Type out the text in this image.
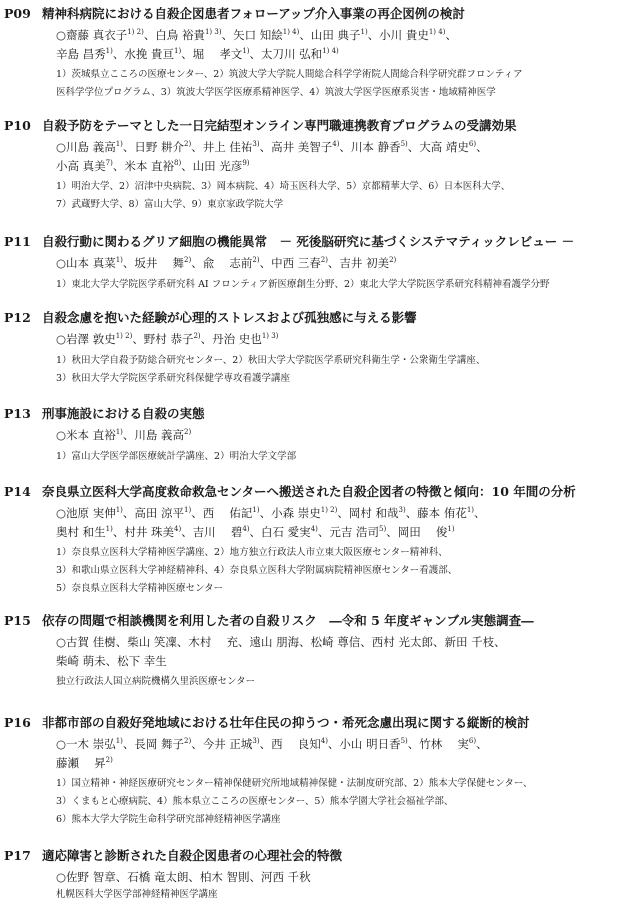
P09 精神科病院における自殺企図患者フォローアップ介入事業の再企図例の検討
○齋藤 真衣子$^{1) 2)}$、白鳥 裕貴$^{1) 3)}$、矢口 知絵$^{1) 4)}$、山田 典子$^{1)}$、小川 貴史$^{1) 4)}$、
辛島 昌秀$^{1)}$、水挽 貴亘$^{1)}$、堀　 孝文$^{1)}$、太刀川 弘和$^{1) 4)}$
1）茨城県立こころの医療センター、2）筑波大学大学院人間総合科学学術院人間総合科学研究群フロンティア
医科学学位プログラム、3）筑波大学医学医療系精神医学、4）筑波大学医学医療系災害・地域精神医学
P10 自殺予防をテーマとした一日完結型オンライン専門職連携教育プログラムの受講効果
○川島 義高$^{1)}$、日野 耕介$^{2)}$、井上 佳祐$^{3)}$、高井 美智子$^{4)}$、川本 静香$^{5)}$、大高 靖史$^{6)}$、
小高 真美$^{7)}$、米本 直裕$^{8)}$、山田 光彦$^{9)}$
1）明治大学、2）沼津中央病院、3）岡本病院、4）埼玉医科大学、5）京都精華大学、6）日本医科大学、
7）武蔵野大学、8）富山大学、9）東京家政学院大学
P11 自殺行動に関わるグリア細胞の機能異常　－ 死後脳研究に基づくシステマティックレビュー －
○山本 真菜$^{1)}$、坂井　 舞$^{2)}$、兪　 志前$^{2)}$、中西 三春$^{2)}$、吉井 初美$^{2)}$
1）東北大学大学院医学系研究科 AI フロンティア新医療創生分野、2）東北大学大学院医学系研究科精神看護学分野
P12 自殺念慮を抱いた経験が心理的ストレスおよび孤独感に与える影響
○岩澤 敦史$^{1) 2)}$、野村 恭子$^{2)}$、丹治 史也$^{1) 3)}$
1）秋田大学自殺予防総合研究センター、2）秋田大学大学院医学系研究科衛生学・公衆衛生学講座、
3）秋田大学大学院医学系研究科保健学専攻看護学講座
P13 刑事施設における自殺の実態
○米本 直裕$^{1)}$、川島 義高$^{2)}$
1）富山大学医学部医療統計学講座、2）明治大学文学部
P14 奈良県立医科大学高度救命救急センターへ搬送された自殺企図者の特徴と傾向：10 年間の分析
○池原 実伸$^{1)}$、高田 涼平$^{1)}$、西　 佑記$^{1)}$、小森 崇史$^{1) 2)}$、岡村 和哉$^{3)}$、藤本 侑花$^{1)}$、
奥村 和生$^{1)}$、村井 珠美$^{4)}$、吉川　 碧$^{4)}$、白石 愛実$^{4)}$、元吉 浩司$^{5)}$、岡田　 俊$^{1)}$
1）奈良県立医科大学精神医学講座、2）地方独立行政法人市立東大阪医療センター精神科、
3）和歌山県立医科大学神経精神科、4）奈良県立医科大学附属病院精神医療センター看護部、
5）奈良県立医科大学精神医療センター
P15 依存の問題で相談機関を利用した者の自殺リスク　―令和 5 年度ギャンブル実態調査―
○古賀 佳樹、柴山 笑凜、木村　 充、遠山 朋海、松崎 尊信、西村 光太郎、新田 千枝、
柴崎 萌未、松下 幸生
独立行政法人国立病院機構久里浜医療センター
P16 非都市部の自殺好発地域における壮年住民の抑うつ・希死念慮出現に関する縦断的検討
○一木 崇弘$^{1)}$、長岡 舞子$^{2)}$、今井 正城$^{3)}$、西　 良知$^{4)}$、小山 明日香$^{5)}$、竹林　 実$^{6)}$、
藤瀬　 昇$^{2)}$
1）国立精神・神経医療研究センター精神保健研究所地域精神保健・法制度研究部、2）熊本大学保健センター、
3）くまもと心療病院、4）熊本県立こころの医療センター、5）熊本学園大学社会福祉学部、
6）熊本大学大学院生命科学研究部神経精神医学講座
P17 適応障害と診断された自殺企図患者の心理社会的特徴
○佐野 智章、石橋 竜太朗、柏木 智則、河西 千秋
札幌医科大学医学部神経精神医学講座
